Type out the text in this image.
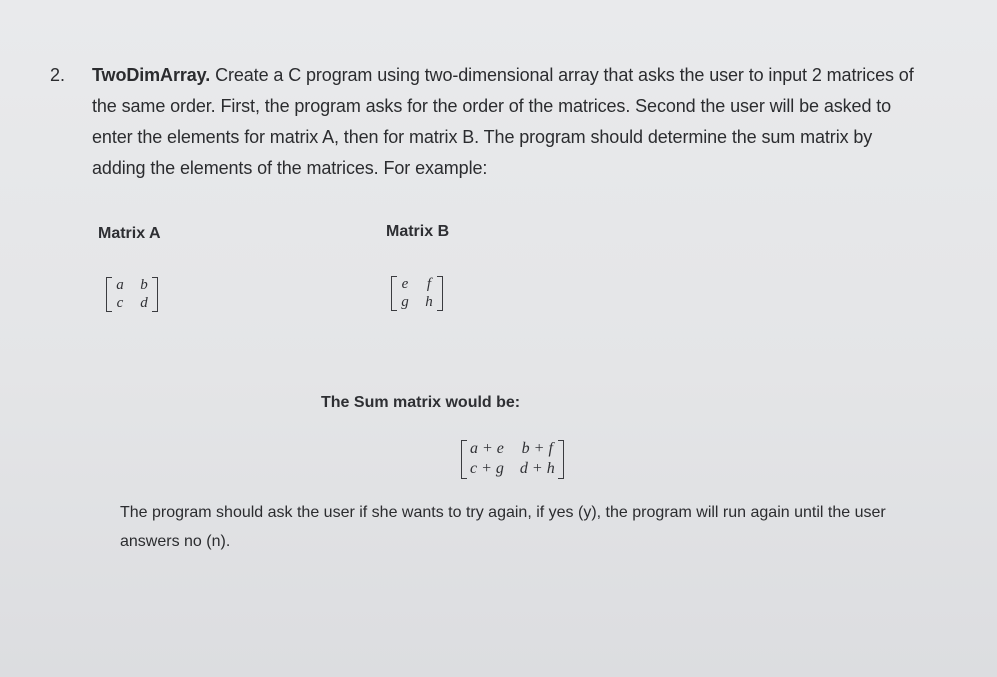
2. TwoDimArray. Create a C program using two-dimensional array that asks the user to input 2 matrices of the same order. First, the program asks for the order of the matrices. Second the user will be asked to enter the elements for matrix A, then for matrix B. The program should determine the sum matrix by adding the elements of the matrices. For example:
Matrix A
a b
c d
Matrix B
e f
g h
The Sum matrix would be:
a + e b + f
c + g d + h
The program should ask the user if she wants to try again, if yes (y), the program will run again until the user answers no (n).
